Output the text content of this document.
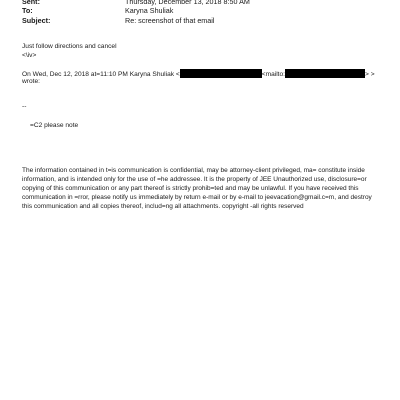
Sent:	Thursday, December 13, 2018 8:50 AM
To:	Karyna Shuliak
Subject:	Re: screenshot of that email
Just follow directions and cancel
<\iv>
On Wed, Dec 12, 2018 at=11:10 PM Karyna Shuliak <	<mailto:	> >
wrote:
--
=C2 please note
The information contained in t=is communication is confidential, may be attorney-client privileged, ma= constitute inside information, and is intended only for the use of =he addressee. It is the property of JEE Unauthorized use, disclosure=or copying of this communication or any part thereof is strictly prohib=ted and may be unlawful. If you have received this communication in =rror, please notify us immediately by return e-mail or by e-mail to jeevacation@gmail.c=m, and destroy this communication and all copies thereof, includ=ng all attachments. copyright -all rights reserved
